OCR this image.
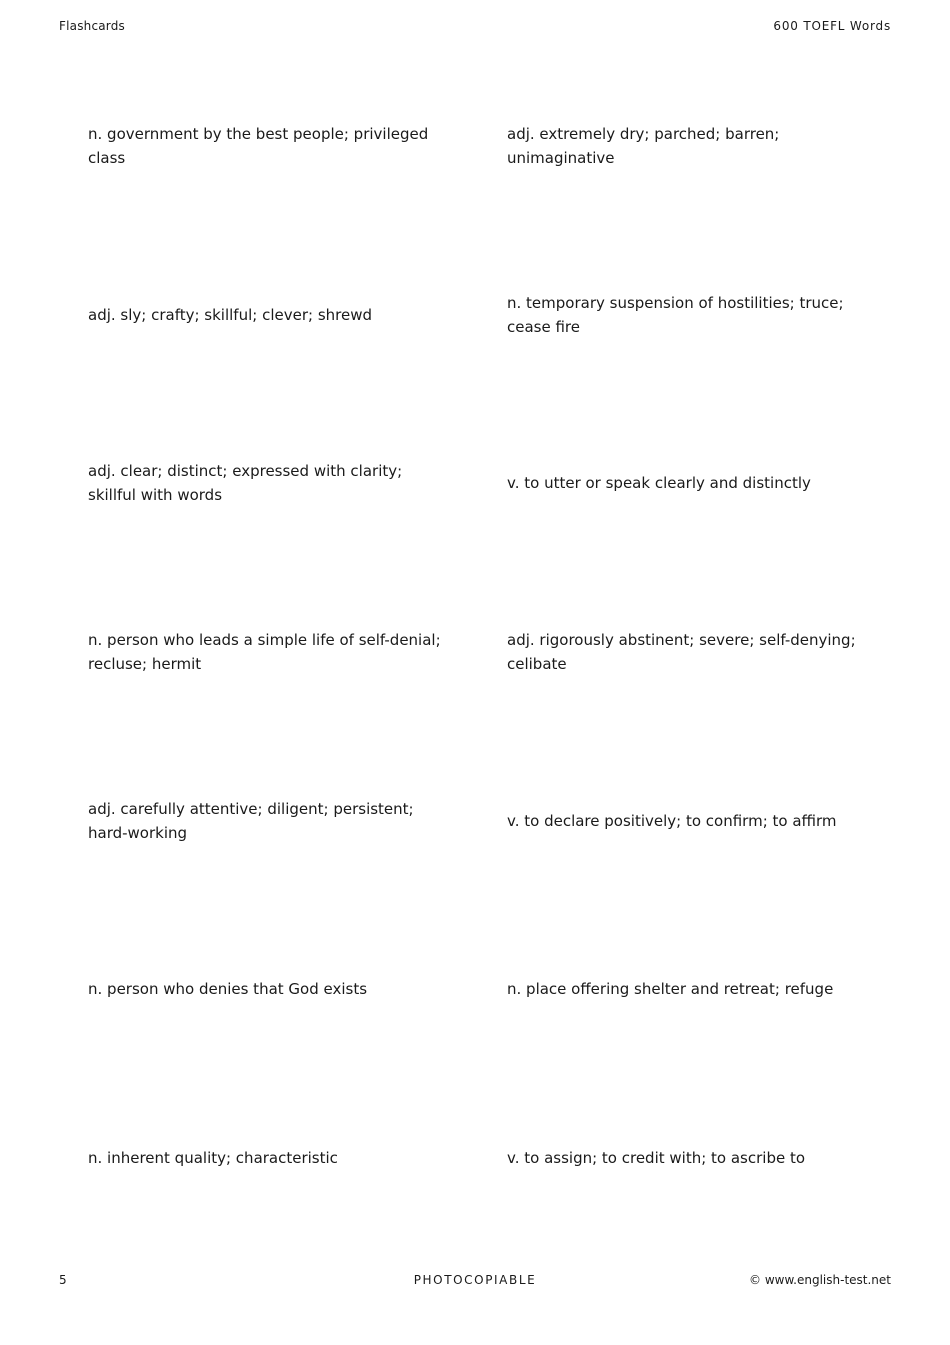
Flashcards	600 TOEFL Words
n. government by the best people; privileged class
adj. extremely dry; parched; barren; unimaginative
adj. sly; crafty; skillful; clever; shrewd
n. temporary suspension of hostilities; truce; cease fire
adj. clear; distinct; expressed with clarity; skillful with words
v. to utter or speak clearly and distinctly
n. person who leads a simple life of self-denial; recluse; hermit
adj. rigorously abstinent; severe; self-denying; celibate
adj. carefully attentive; diligent; persistent; hard-working
v. to declare positively; to confirm; to affirm
n. person who denies that God exists	n. place offering shelter and retreat; refuge
n. inherent quality; characteristic	v. to assign; to credit with; to ascribe to
5	PHOTOCOPIABLE	© www.english-test.net
